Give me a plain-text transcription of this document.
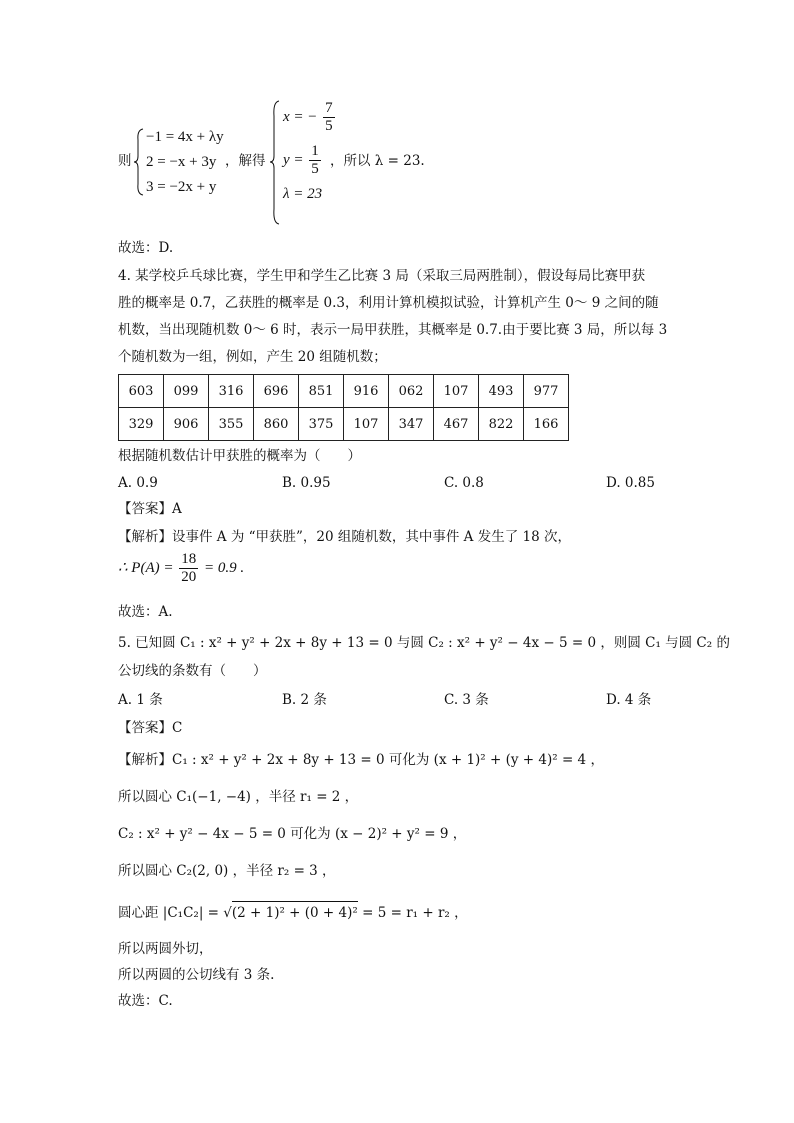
则
−1 = 4x + λy
2 = −x + 3y
3 = −2x + y
，解得
x = − $\frac{7}{5}$
$y = \frac{1}{5}$
λ = 23
，所以 λ = 23.
故选：D.
4. 某学校乒乓球比赛，学生甲和学生乙比赛 3 局（采取三局两胜制），假设每局比赛甲获
胜的概率是 0.7，乙获胜的概率是 0.3，利用计算机模拟试验，计算机产生 0～ 9 之间的随
机数，当出现随机数 0～ 6 时，表示一局甲获胜，其概率是 0.7.由于要比赛 3 局，所以每 3
个随机数为一组，例如，产生 20 组随机数；
603	099	316	696	851	916	062	107	493	977
329	906	355	860	375	107	347	467	822	166
根据随机数估计甲获胜的概率为（　　）
A. 0.9	B. 0.95	C. 0.8	D. 0.85
【答案】A
【解析】设事件 A 为 “甲获胜”，20 组随机数，其中事件 A 发生了 18 次，
∴ $P(A) = \frac{18}{20} = 0.9$ .
故选：A.
5. 已知圆 C₁ : x² + y² + 2x + 8y + 13 = 0 与圆 C₂ : x² + y² − 4x − 5 = 0 ，则圆 C₁ 与圆 C₂ 的
公切线的条数有（　　）
A. 1 条	B. 2 条	C. 3 条	D. 4 条
【答案】C
【解析】C₁ : x² + y² + 2x + 8y + 13 = 0 可化为 (x + 1)² + (y + 4)² = 4 ，
所以圆心 C₁(−1, −4) ，半径 r₁ = 2 ，
C₂ : x² + y² − 4x − 5 = 0 可化为 (x − 2)² + y² = 9 ，
所以圆心 C₂(2, 0) ，半径 r₂ = 3 ，
圆心距 |C₁C₂| = √(2 + 1)² + (0 + 4)² = 5 = r₁ + r₂ ，
所以两圆外切，
所以两圆的公切线有 3 条.
故选：C.
